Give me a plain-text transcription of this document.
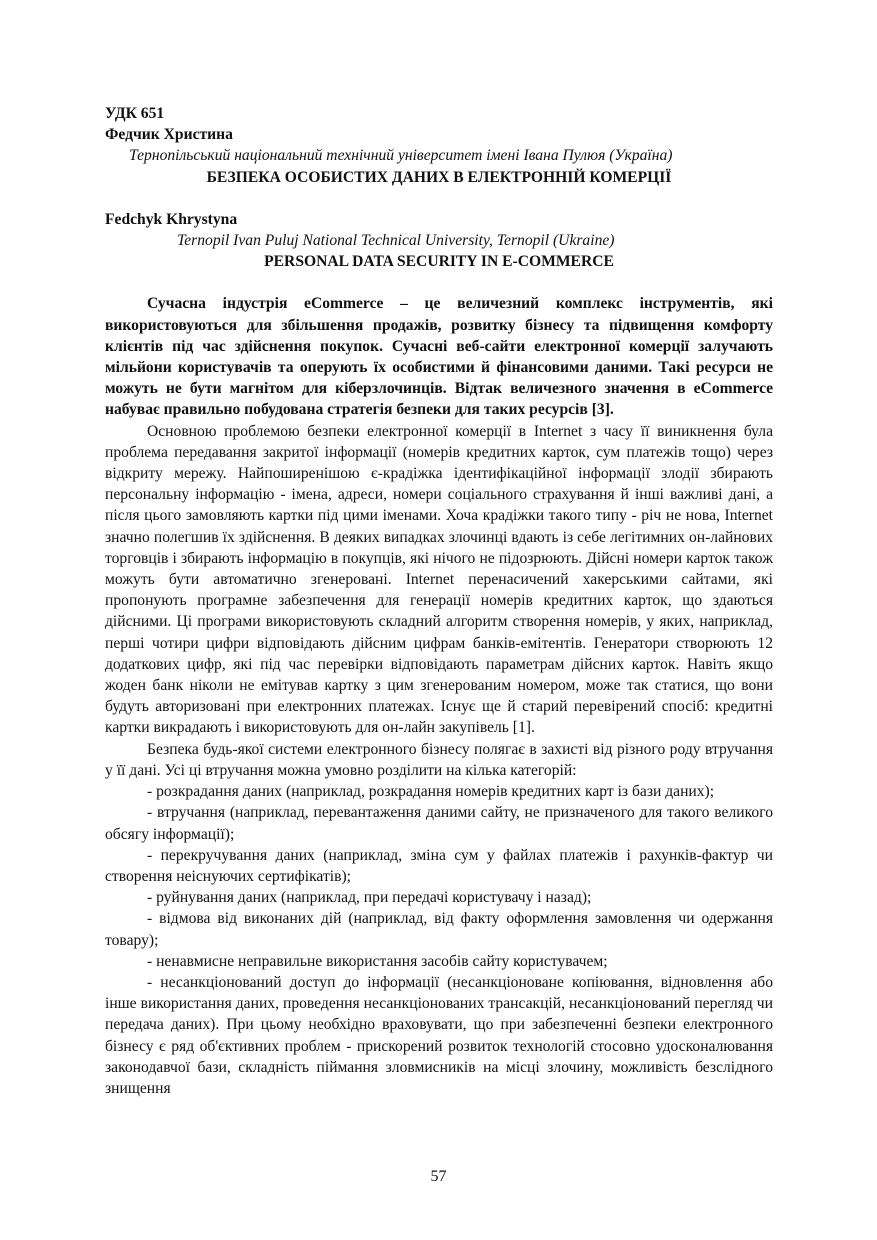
УДК 651
Федчик Христина
Тернопільський національний технічний університет імені Івана Пулюя (Україна)
БЕЗПЕКА ОСОБИСТИХ ДАНИХ В ЕЛЕКТРОННІЙ КОМЕРЦІЇ
Fedchyk Khrystyna
Ternopil Ivan Puluj National Technical University, Ternopil (Ukraine)
PERSONAL DATA SECURITY IN E-COMMERCE

Сучасна індустрія eCommerce – це величезний комплекс інструментів, які використовуються для збільшення продажів, розвитку бізнесу та підвищення комфорту клієнтів під час здійснення покупок. Сучасні веб-сайти електронної комерції залучають мільйони користувачів та оперують їх особистими й фінансовими даними. Такі ресурси не можуть не бути магнітом для кіберзлочинців. Відтак величезного значення в eCommerce набуває правильно побудована стратегія безпеки для таких ресурсів [3].

Основною проблемою безпеки електронної комерції в Internet з часу її виникнення була проблема передавання закритої інформації (номерів кредитних карток, сум платежів тощо) через відкриту мережу. Найпоширенішою є-крадіжка ідентифікаційної інформації злодії збирають персональну інформацію - імена, адреси, номери соціального страхування й інші важливі дані, а після цього замовляють картки під цими іменами. Хоча крадіжки такого типу - річ не нова, Internet значно полегшив їх здійснення. В деяких випадках злочинці вдають із себе легітимних он-лайнових торговців і збирають інформацію в покупців, які нічого не підозрюють. Дійсні номери карток також можуть бути автоматично згенеровані. Internet перенасичений хакерськими сайтами, які пропонують програмне забезпечення для генерації номерів кредитних карток, що здаються дійсними. Ці програми використовують складний алгоритм створення номерів, у яких, наприклад, перші чотири цифри відповідають дійсним цифрам банків-емітентів. Генератори створюють 12 додаткових цифр, які під час перевірки відповідають параметрам дійсних карток. Навіть якщо жоден банк ніколи не емітував картку з цим згенерованим номером, може так статися, що вони будуть авторизовані при електронних платежах. Існує ще й старий перевірений спосіб: кредитні картки викрадають і використовують для он-лайн закупівель [1].

Безпека будь-якої системи електронного бізнесу полягає в захисті від різного роду втручання у її дані. Усі ці втручання можна умовно розділити на кілька категорій:

- розкрадання даних (наприклад, розкрадання номерів кредитних карт із бази даних);

- втручання (наприклад, перевантаження даними сайту, не призначеного для такого великого обсягу інформації);

- перекручування даних (наприклад, зміна сум у файлах платежів і рахунків-фактур чи створення неіснуючих сертифікатів);

- руйнування даних (наприклад, при передачі користувачу і назад);

- відмова від виконаних дій (наприклад, від факту оформлення замовлення чи одержання товару);

- ненавмисне неправильне використання засобів сайту користувачем;

- несанкціонований доступ до інформації (несанкціоноване копіювання, відновлення або інше використання даних, проведення несанкціонованих трансакцій, несанкціонований перегляд чи передача даних). При цьому необхідно враховувати, що при забезпеченні безпеки електронного бізнесу є ряд об'єктивних проблем - прискорений розвиток технологій стосовно удосконалювання законодавчої бази, складність піймання зловмисників на місці злочину, можливість безслідного знищення

57
